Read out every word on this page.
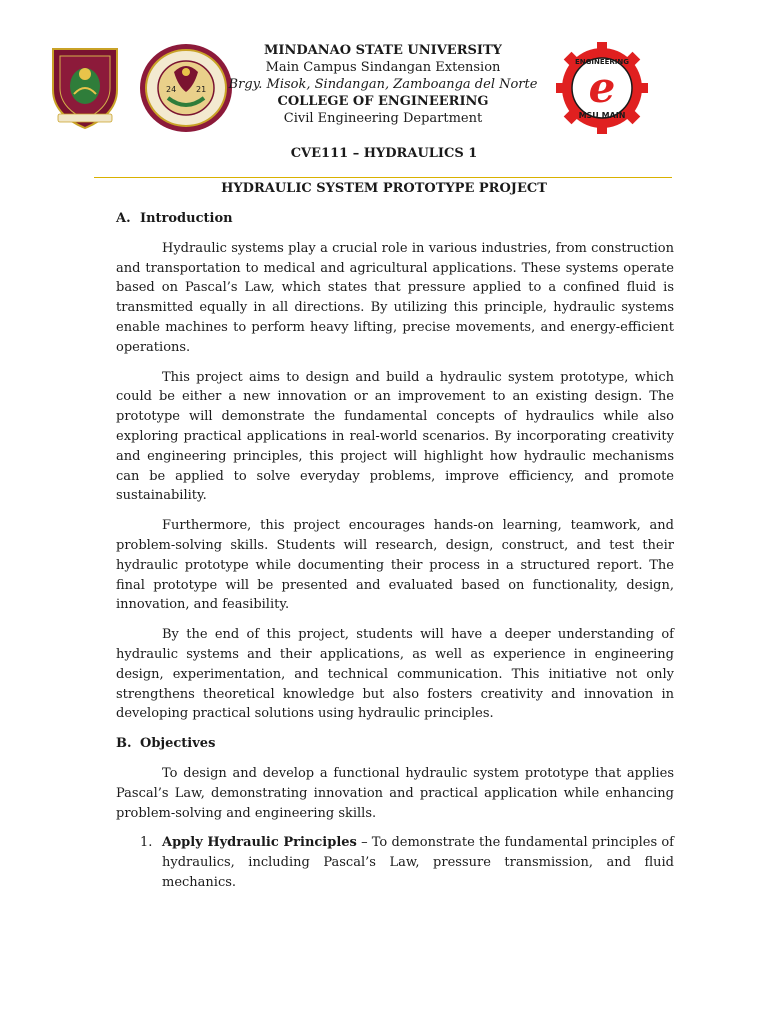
24 21
MINDANAO STATE UNIVERSITY
Main Campus Sindangan Extension
Brgy. Misok, Sindangan, Zamboanga del Norte
COLLEGE OF ENGINEERING
Civil Engineering Department
e
ENGINEERING
MSU MAIN
CVE111 – HYDRAULICS 1
HYDRAULIC SYSTEM PROTOTYPE PROJECT
A. Introduction

Hydraulic systems play a crucial role in various industries, from construction and transportation to medical and agricultural applications. These systems operate based on Pascal’s Law, which states that pressure applied to a confined fluid is transmitted equally in all directions. By utilizing this principle, hydraulic systems enable machines to perform heavy lifting, precise movements, and energy-efficient operations.

This project aims to design and build a hydraulic system prototype, which could be either a new innovation or an improvement to an existing design. The prototype will demonstrate the fundamental concepts of hydraulics while also exploring practical applications in real-world scenarios. By incorporating creativity and engineering principles, this project will highlight how hydraulic mechanisms can be applied to solve everyday problems, improve efficiency, and promote sustainability.

Furthermore, this project encourages hands-on learning, teamwork, and problem-solving skills. Students will research, design, construct, and test their hydraulic prototype while documenting their process in a structured report. The final prototype will be presented and evaluated based on functionality, design, innovation, and feasibility.

By the end of this project, students will have a deeper understanding of hydraulic systems and their applications, as well as experience in engineering design, experimentation, and technical communication. This initiative not only strengthens theoretical knowledge but also fosters creativity and innovation in developing practical solutions using hydraulic principles.

B. Objectives

To design and develop a functional hydraulic system prototype that applies Pascal’s Law, demonstrating innovation and practical application while enhancing problem-solving and engineering skills.

1. Apply Hydraulic Principles – To demonstrate the fundamental principles of hydraulics, including Pascal’s Law, pressure transmission, and fluid mechanics.
